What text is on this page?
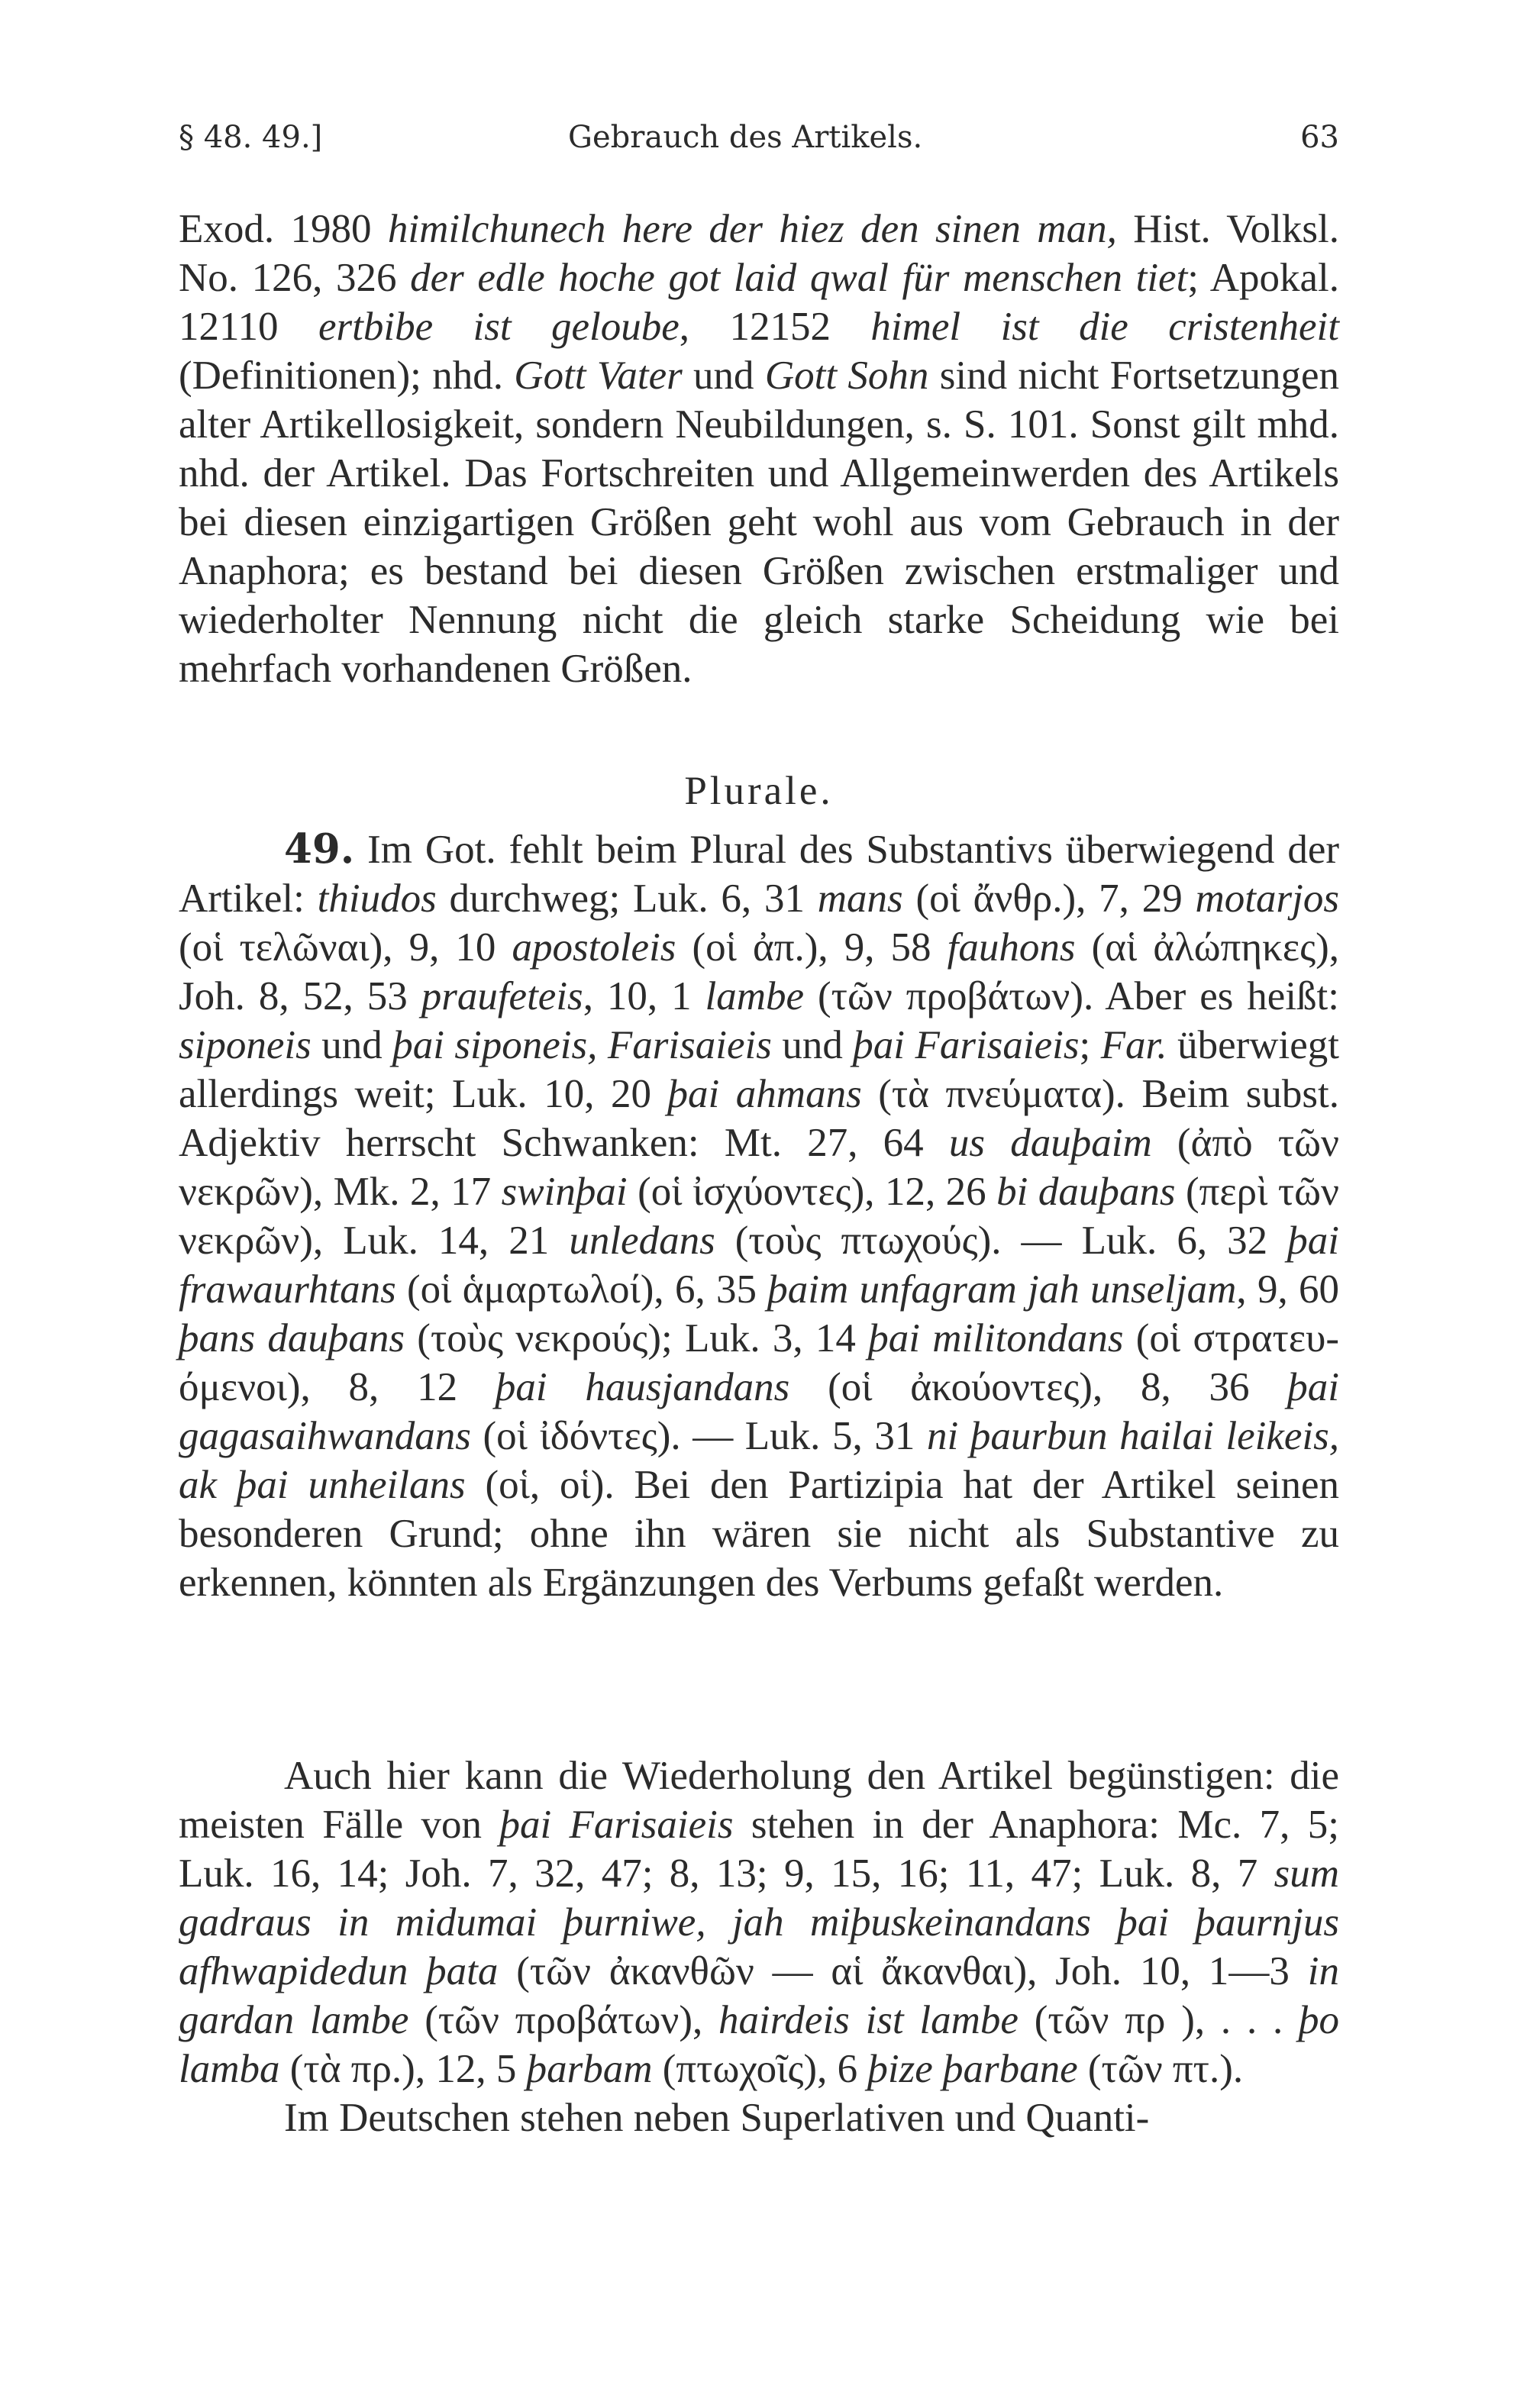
§ 48. 49.]	Gebrauch des Artikels.	63
Exod. 1980 himilchunech here der hiez den sinen man, Hist. Volksl. No. 126, 326 der edle hoche got laid qwal für menschen tiet; Apokal. 12110 ertbibe ist geloube, 12152 himel ist die cristenheit (Definitionen); nhd. Gott Vater und Gott Sohn sind nicht Fortsetzungen alter Artikellosigkeit, sondern Neubildungen, s. S. 101. Sonst gilt mhd. nhd. der Artikel. Das Fortschreiten und Allgemeinwerden des Artikels bei diesen einzigartigen Größen geht wohl aus vom Gebrauch in der Anaphora; es bestand bei diesen Größen zwischen erstmaliger und wiederholter Nennung nicht die gleich starke Scheidung wie bei mehrfach vorhandenen Größen.
Plurale.
49. Im Got. fehlt beim Plural des Substantivs überwiegend der Artikel: thiudos durchweg; Luk. 6, 31 mans (οἱ ἄνθρ.), 7, 29 motarjos (οἱ τελῶναι), 9, 10 apostoleis (οἱ ἀπ.), 9, 58 fauhons (αἱ ἀλώπηκες), Joh. 8, 52, 53 praufeteis, 10, 1 lambe (τῶν προβάτων). Aber es heißt: siponeis und þai siponeis, Farisaieis und þai Farisaieis; Far. überwiegt allerdings weit; Luk. 10, 20 þai ahmans (τὰ πνεύματα). Beim subst. Adjektiv herrscht Schwanken: Mt. 27, 64 us dauþaim (ἀπὸ τῶν νεκρῶν), Mk. 2, 17 swinþai (οἱ ἰσχύοντες), 12, 26 bi dauþans (περὶ τῶν νεκρῶν), Luk. 14, 21 unledans (τοὺς πτωχούς). — Luk. 6, 32 þai frawaurhtans (οἱ ἁμαρτωλοί), 6, 35 þaim unfagram jah unseljam, 9, 60 þans dauþans (τοὺς νεκρούς); Luk. 3, 14 þai militondans (οἱ στρατευόμενοι), 8, 12 þai hausjandans (οἱ ἀκούοντες), 8, 36 þai gagasaihwandans (οἱ ἰδόντες). — Luk. 5, 31 ni þaurbun hailai leikeis, ak þai unheilans (οἱ, οἱ). Bei den Partizipia hat der Artikel seinen besonderen Grund; ohne ihn wären sie nicht als Substantive zu erkennen, könnten als Ergänzungen des Verbums gefaßt werden.
Auch hier kann die Wiederholung den Artikel begünstigen: die meisten Fälle von þai Farisaieis stehen in der Anaphora: Mc. 7, 5; Luk. 16, 14; Joh. 7, 32, 47; 8, 13; 9, 15, 16; 11, 47; Luk. 8, 7 sum gadraus in midumai þurniwe, jah miþuskeinandans þai þaurnjus afhwapidedun þata (τῶν ἀκανθῶν — αἱ ἄκανθαι), Joh. 10, 1—3 in gardan lambe (τῶν προβάτων), hairdeis ist lambe (τῶν πρ ), . . . þo lamba (τὰ πρ.), 12, 5 þarbam (πτωχοῖς), 6 þize þarbane (τῶν πτ.).
Im Deutschen stehen neben Superlativen und Quanti-
